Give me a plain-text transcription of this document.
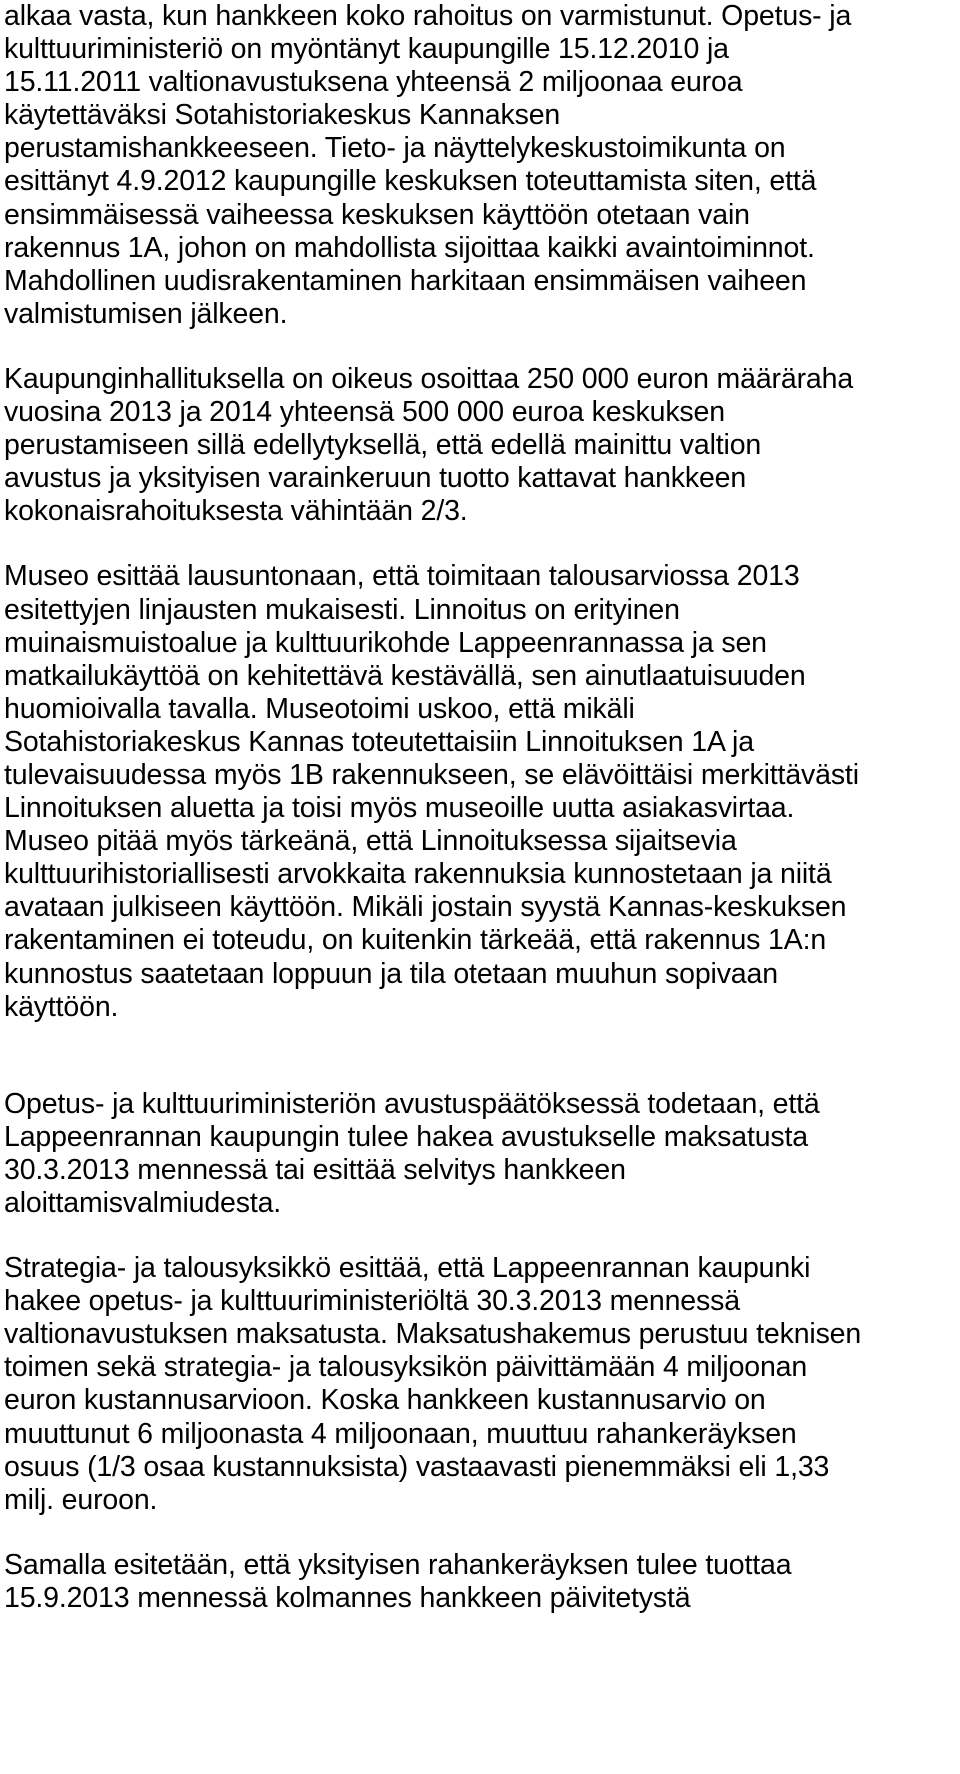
alkaa vasta, kun hankkeen koko rahoitus on varmistunut. Opetus- ja
kulttuuriministeriö on myöntänyt kaupungille 15.12.2010 ja
15.11.2011 valtionavustuksena yhteensä 2 miljoonaa euroa
käytettäväksi Sotahistoriakeskus Kannaksen
perustamishankkeeseen. Tieto- ja näyttelykeskustoimikunta on
esittänyt 4.9.2012 kaupungille keskuksen toteuttamista siten, että
ensimmäisessä vaiheessa keskuksen käyttöön otetaan vain
rakennus 1A, johon on mahdollista sijoittaa kaikki avaintoiminnot.
Mahdollinen uudisrakentaminen harkitaan ensimmäisen vaiheen
valmistumisen jälkeen.

Kaupunginhallituksella on oikeus osoittaa 250 000 euron määräraha
vuosina 2013 ja 2014 yhteensä 500 000 euroa keskuksen
perustamiseen sillä edellytyksellä, että edellä mainittu valtion
avustus ja yksityisen varainkeruun tuotto kattavat hankkeen
kokonaisrahoituksesta vähintään 2/3.

Museo esittää lausuntonaan, että toimitaan talousarviossa 2013
esitettyjen linjausten mukaisesti. Linnoitus on erityinen
muinaismuistoalue ja kulttuurikohde Lappeenrannassa ja sen
matkailukäyttöä on kehitettävä kestävällä, sen ainutlaatuisuuden
huomioivalla tavalla. Museotoimi uskoo, että mikäli
Sotahistoriakeskus Kannas toteutettaisiin Linnoituksen 1A ja
tulevaisuudessa myös 1B rakennukseen, se elävöittäisi merkittävästi
Linnoituksen aluetta ja toisi myös museoille uutta asiakasvirtaa.
Museo pitää myös tärkeänä, että Linnoituksessa sijaitsevia
kulttuurihistoriallisesti arvokkaita rakennuksia kunnostetaan ja niitä
avataan julkiseen käyttöön. Mikäli jostain syystä Kannas-keskuksen
rakentaminen ei toteudu, on kuitenkin tärkeää, että rakennus 1A:n
kunnostus saatetaan loppuun ja tila otetaan muuhun sopivaan
käyttöön.

Opetus- ja kulttuuriministeriön avustuspäätöksessä todetaan, että
Lappeenrannan kaupungin tulee hakea avustukselle maksatusta
30.3.2013 mennessä tai esittää selvitys hankkeen
aloittamisvalmiudesta.

Strategia- ja talousyksikkö esittää, että Lappeenrannan kaupunki
hakee opetus- ja kulttuuriministeriöltä 30.3.2013 mennessä
valtionavustuksen maksatusta. Maksatushakemus perustuu teknisen
toimen sekä strategia- ja talousyksikön päivittämään 4 miljoonan
euron kustannusarvioon. Koska hankkeen kustannusarvio on
muuttunut 6 miljoonasta 4 miljoonaan, muuttuu rahankeräyksen
osuus (1/3 osaa kustannuksista) vastaavasti pienemmäksi eli 1,33
milj. euroon.

Samalla esitetään, että yksityisen rahankeräyksen tulee tuottaa
15.9.2013 mennessä kolmannes hankkeen päivitetystä
